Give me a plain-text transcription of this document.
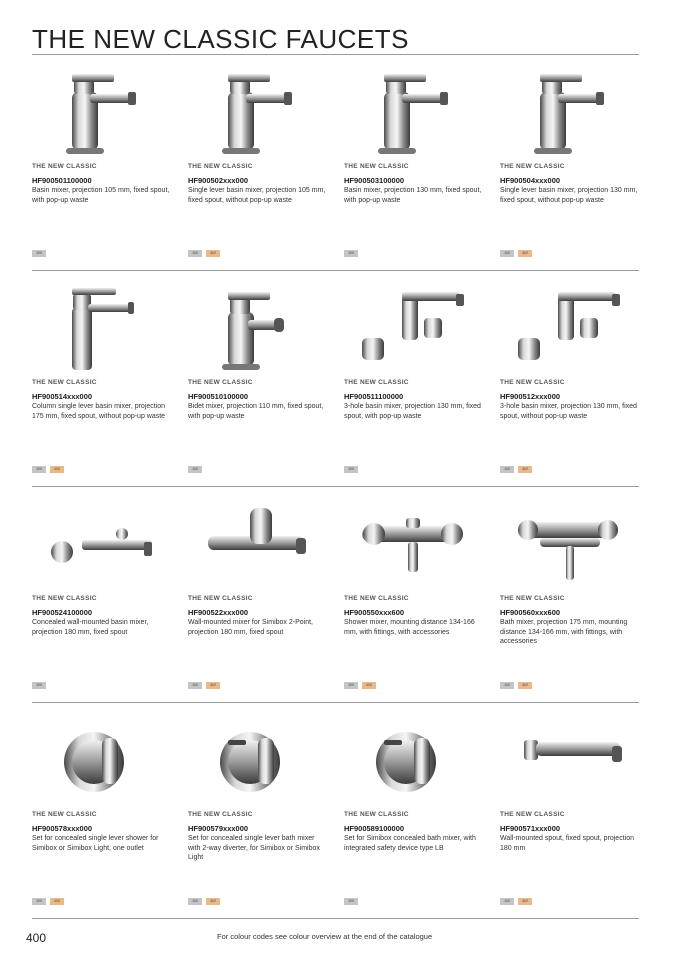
THE NEW CLASSIC FAUCETS
THE NEW CLASSIC
HF900501100000
Basin mixer, projection 105 mm, fixed spout, with pop-up waste
100
THE NEW CLASSIC
HF900502xxx000
Single lever basin mixer, projection 105 mm, fixed spout, without pop-up waste
100	402
THE NEW CLASSIC
HF900503100000
Basin mixer, projection 130 mm, fixed spout, with pop-up waste
100
THE NEW CLASSIC
HF900504xxx000
Single lever basin mixer, projection 130 mm, fixed spout, without pop-up waste
100	402
THE NEW CLASSIC
HF900514xxx000
Column single lever basin mixer, projection 175 mm, fixed spout, without pop-up waste
100	402
THE NEW CLASSIC
HF900510100000
Bidet mixer, projection 110 mm, fixed spout, with pop-up waste
100
THE NEW CLASSIC
HF900511100000
3-hole basin mixer, projection 130 mm, fixed spout, with pop-up waste
100
THE NEW CLASSIC
HF900512xxx000
3-hole basin mixer, projection 130 mm, fixed spout, without pop-up waste
100	402
THE NEW CLASSIC
HF900524100000
Concealed wall-mounted basin mixer, projection 180 mm, fixed spout
100
THE NEW CLASSIC
HF900522xxx000
Wall-mounted mixer for Simibox 2-Point, projection 180 mm, fixed spout
100	402
THE NEW CLASSIC
HF900550xxx600
Shower mixer, mounting distance 134-166 mm, with fittings, with accessories
100	402
THE NEW CLASSIC
HF900560xxx600
Bath mixer, projection 175 mm, mounting distance 134-166 mm, with fittings, with accessories
100	402
THE NEW CLASSIC
HF900578xxx000
Set for concealed single lever shower for Simibox or Simibox Light, one outlet
100	402
THE NEW CLASSIC
HF900579xxx000
Set for concealed single lever bath mixer with 2-way diverter, for Simibox or Simibox Light
100	402
THE NEW CLASSIC
HF900589100000
Set for Simibox concealed bath mixer, with integrated safety device type LB
100
THE NEW CLASSIC
HF900571xxx000
Wall-mounted spout, fixed spout, projection 180 mm
100	402
400	For colour codes see colour overview at the end of the catalogue
